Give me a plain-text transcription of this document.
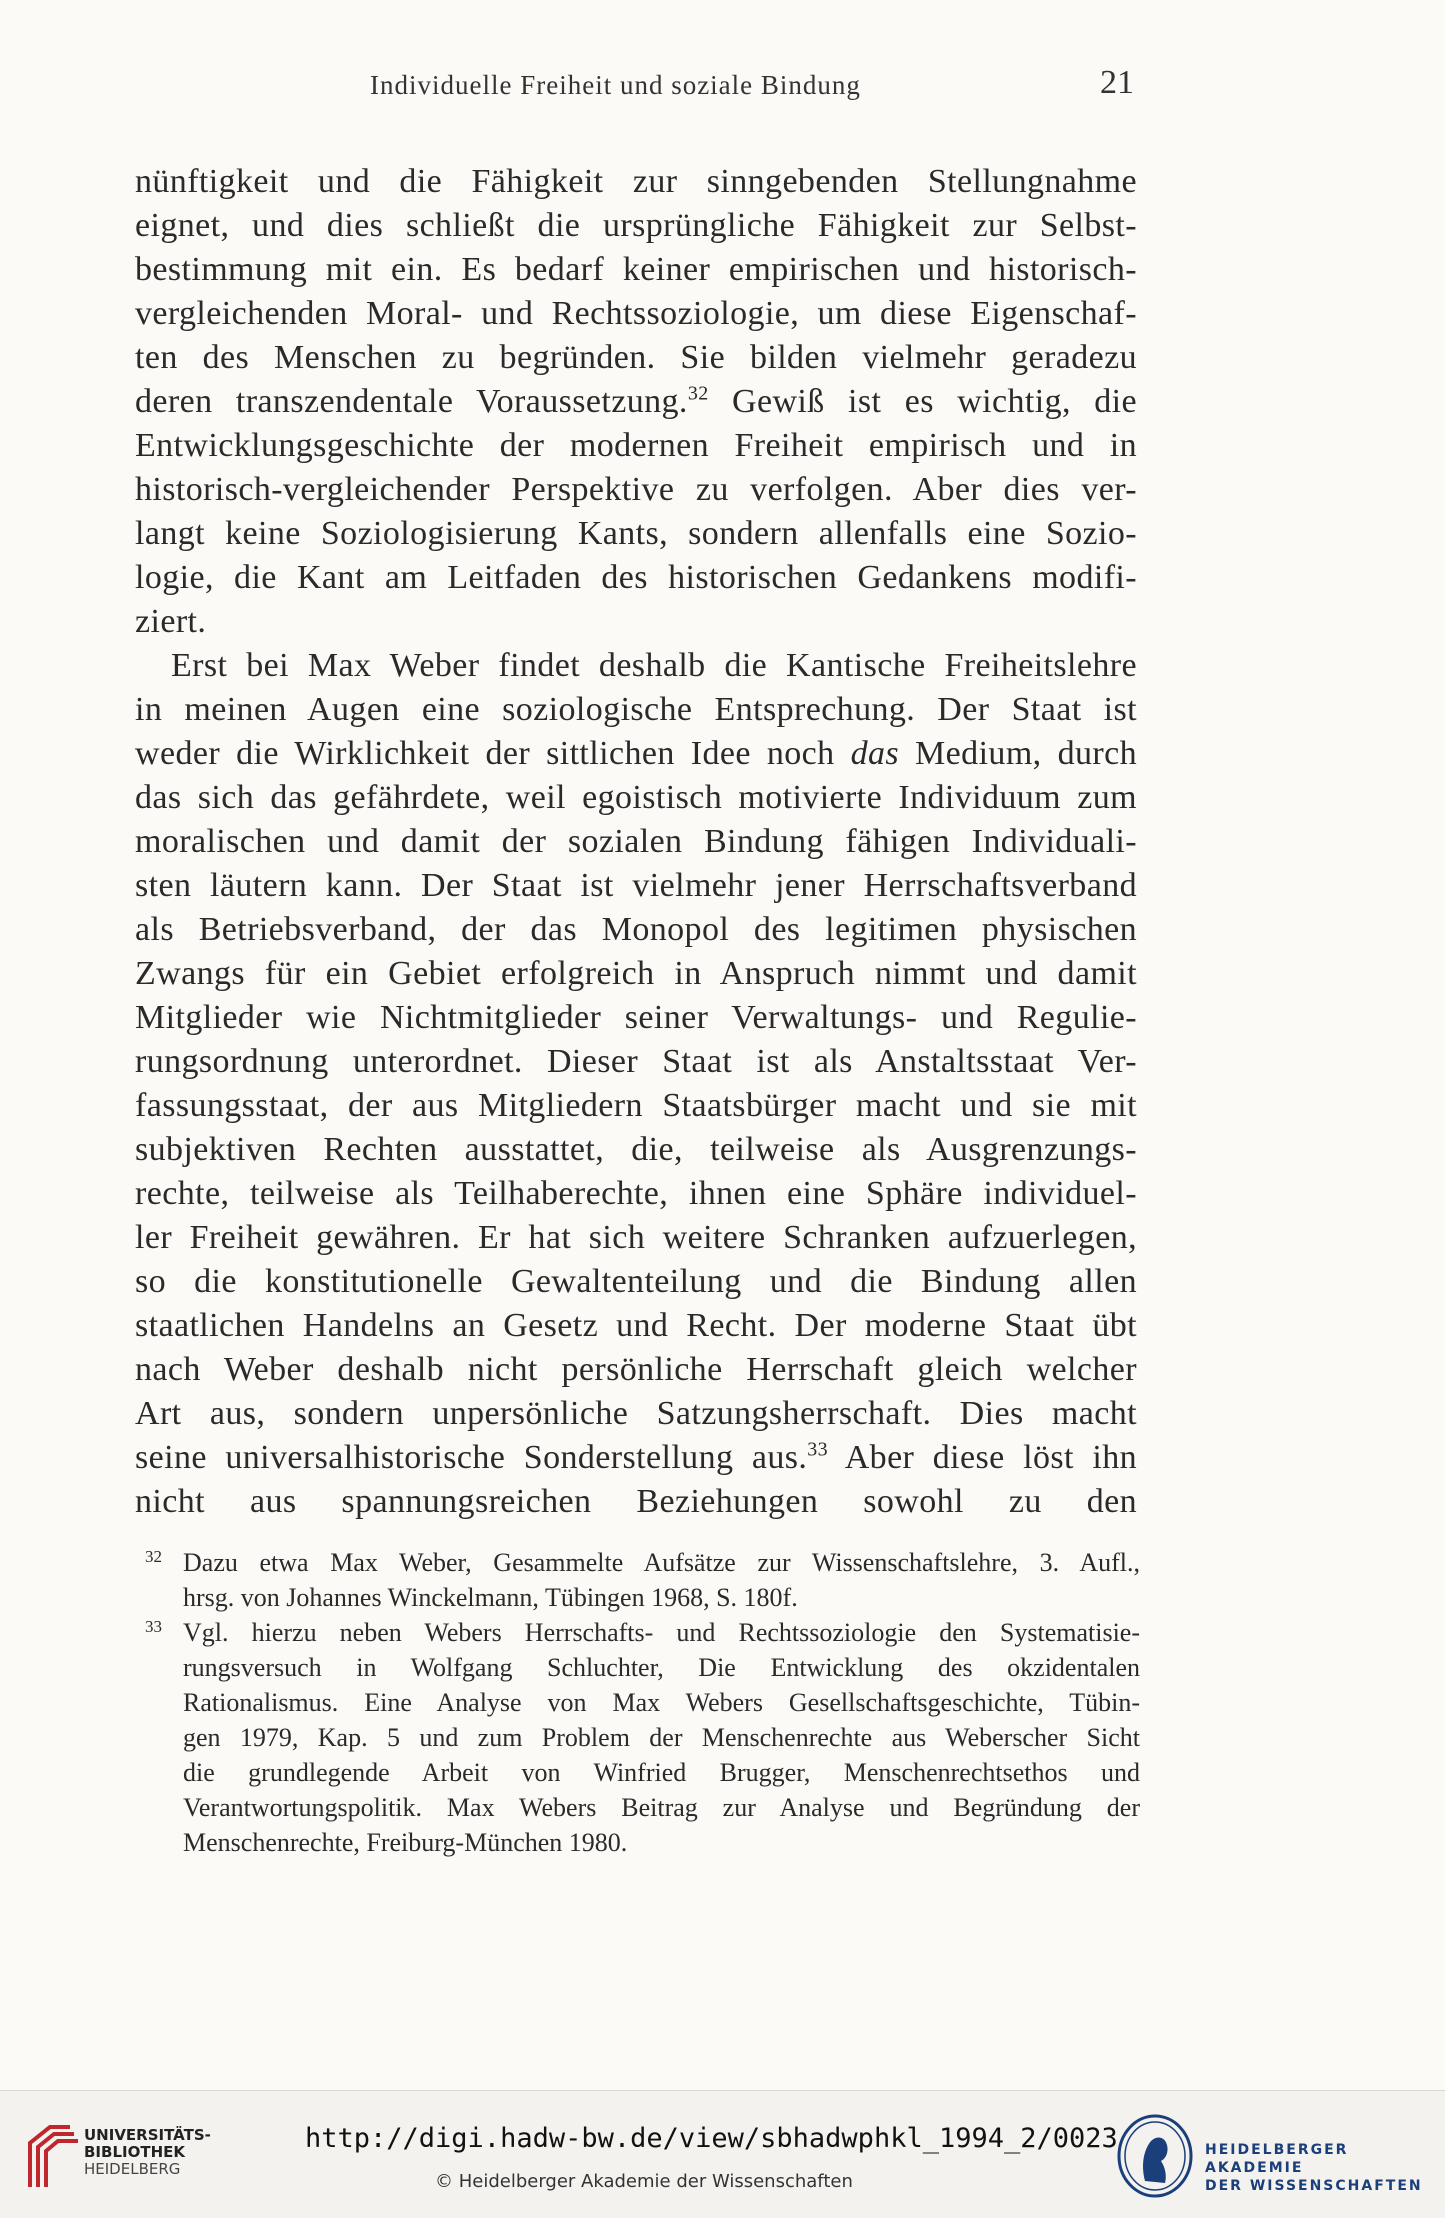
Individuelle Freiheit und soziale Bindung	21
nünftigkeit und die Fähigkeit zur sinngebenden Stellungnahme
eignet, und dies schließt die ursprüngliche Fähigkeit zur Selbst-
bestimmung mit ein. Es bedarf keiner empirischen und historisch-
vergleichenden Moral- und Rechtssoziologie, um diese Eigenschaf-
ten des Menschen zu begründen. Sie bilden vielmehr geradezu
deren transzendentale Voraussetzung.$^{32}$ Gewiß ist es wichtig, die
Entwicklungsgeschichte der modernen Freiheit empirisch und in
historisch-vergleichender Perspektive zu verfolgen. Aber dies ver-
langt keine Soziologisierung Kants, sondern allenfalls eine Sozio-
logie, die Kant am Leitfaden des historischen Gedankens modifi-
ziert.
Erst bei Max Weber findet deshalb die Kantische Freiheitslehre
in meinen Augen eine soziologische Entsprechung. Der Staat ist
weder die Wirklichkeit der sittlichen Idee noch das Medium, durch
das sich das gefährdete, weil egoistisch motivierte Individuum zum
moralischen und damit der sozialen Bindung fähigen Individuali-
sten läutern kann. Der Staat ist vielmehr jener Herrschaftsverband
als Betriebsverband, der das Monopol des legitimen physischen
Zwangs für ein Gebiet erfolgreich in Anspruch nimmt und damit
Mitglieder wie Nichtmitglieder seiner Verwaltungs- und Regulie-
rungsordnung unterordnet. Dieser Staat ist als Anstaltsstaat Ver-
fassungsstaat, der aus Mitgliedern Staatsbürger macht und sie mit
subjektiven Rechten ausstattet, die, teilweise als Ausgrenzungs-
rechte, teilweise als Teilhaberechte, ihnen eine Sphäre individuel-
ler Freiheit gewähren. Er hat sich weitere Schranken aufzuerlegen,
so die konstitutionelle Gewaltenteilung und die Bindung allen
staatlichen Handelns an Gesetz und Recht. Der moderne Staat übt
nach Weber deshalb nicht persönliche Herrschaft gleich welcher
Art aus, sondern unpersönliche Satzungsherrschaft. Dies macht
seine universalhistorische Sonderstellung aus.$^{33}$ Aber diese löst ihn
nicht aus spannungsreichen Beziehungen sowohl zu den
32 Dazu etwa Max Weber, Gesammelte Aufsätze zur Wissenschaftslehre, 3. Aufl.,
hrsg. von Johannes Winckelmann, Tübingen 1968, S. 180f.
33 Vgl. hierzu neben Webers Herrschafts- und Rechtssoziologie den Systematisie-
rungsversuch in Wolfgang Schluchter, Die Entwicklung des okzidentalen
Rationalismus. Eine Analyse von Max Webers Gesellschaftsgeschichte, Tübin-
gen 1979, Kap. 5 und zum Problem der Menschenrechte aus Weberscher Sicht
die grundlegende Arbeit von Winfried Brugger, Menschenrechtsethos und
Verantwortungspolitik. Max Webers Beitrag zur Analyse und Begründung der
Menschenrechte, Freiburg-München 1980.
UNIVERSITÄTS-
BIBLIOTHEK
HEIDELBERG
http://digi.hadw-bw.de/view/sbhadwphkl_1994_2/0023
© Heidelberger Akademie der Wissenschaften
HEIDELBERGER AKADEMIE
DER WISSENSCHAFTEN
